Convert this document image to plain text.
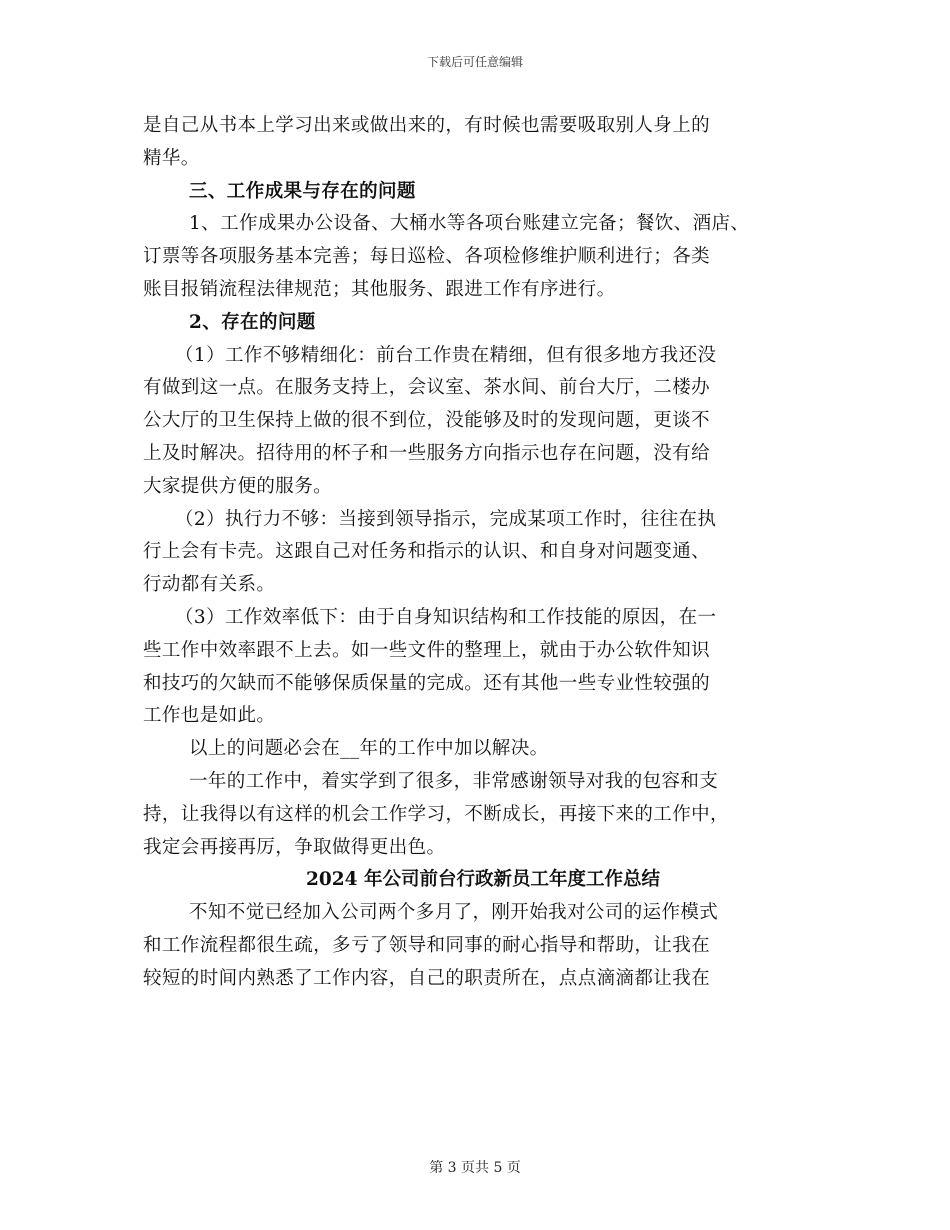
下载后可任意编辑
是自己从书本上学习出来或做出来的，有时候也需要吸取别人身上的
精华。
三、工作成果与存在的问题
1、工作成果办公设备、大桶水等各项台账建立完备；餐饮、酒店、
订票等各项服务基本完善；每日巡检、各项检修维护顺利进行；各类
账目报销流程法律规范；其他服务、跟进工作有序进行。
2、存在的问题
（1）工作不够精细化：前台工作贵在精细，但有很多地方我还没
有做到这一点。在服务支持上，会议室、茶水间、前台大厅，二楼办
公大厅的卫生保持上做的很不到位，没能够及时的发现问题，更谈不
上及时解决。招待用的杯子和一些服务方向指示也存在问题，没有给
大家提供方便的服务。
（2）执行力不够：当接到领导指示，完成某项工作时，往往在执
行上会有卡壳。这跟自己对任务和指示的认识、和自身对问题变通、
行动都有关系。
（3）工作效率低下：由于自身知识结构和工作技能的原因，在一
些工作中效率跟不上去。如一些文件的整理上，就由于办公软件知识
和技巧的欠缺而不能够保质保量的完成。还有其他一些专业性较强的
工作也是如此。
以上的问题必会在__年的工作中加以解决。
一年的工作中，着实学到了很多，非常感谢领导对我的包容和支
持，让我得以有这样的机会工作学习，不断成长，再接下来的工作中，
我定会再接再厉，争取做得更出色。
2024 年公司前台行政新员工年度工作总结
不知不觉已经加入公司两个多月了，刚开始我对公司的运作模式
和工作流程都很生疏，多亏了领导和同事的耐心指导和帮助，让我在
较短的时间内熟悉了工作内容，自己的职责所在，点点滴滴都让我在
第 3 页共 5 页
